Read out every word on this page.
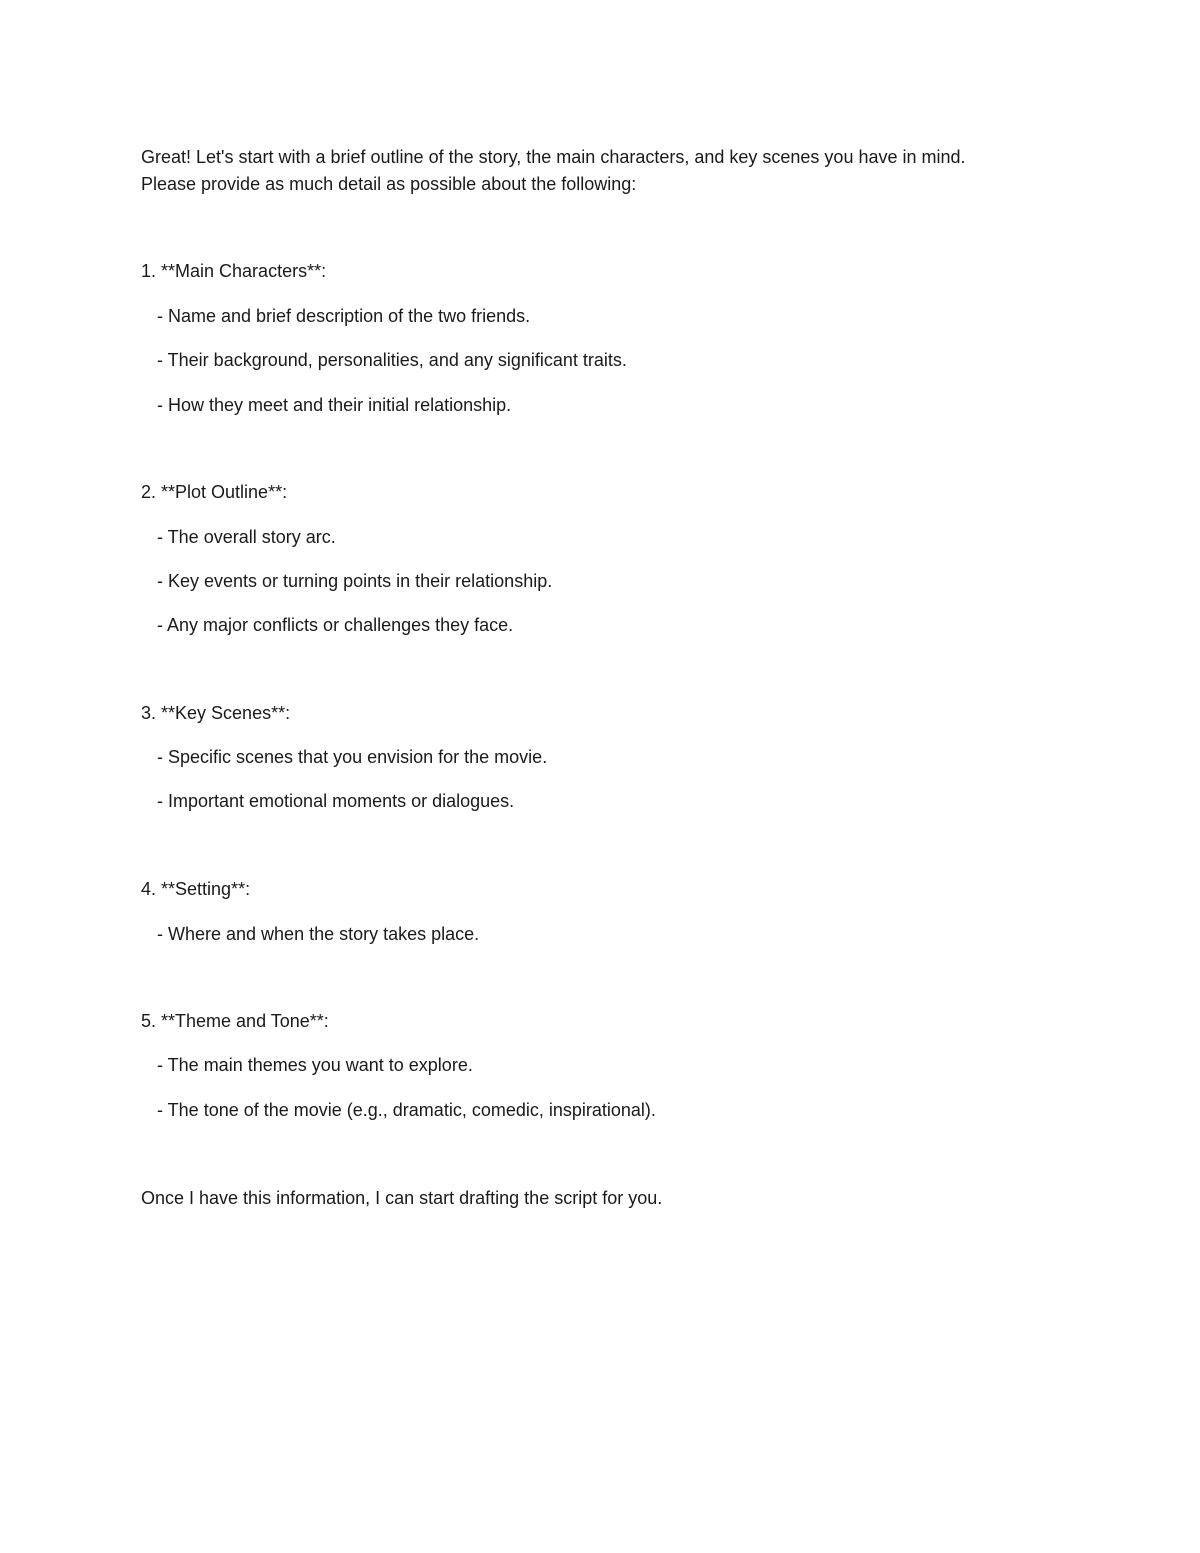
Great! Let's start with a brief outline of the story, the main characters, and key scenes you have in mind.
Please provide as much detail as possible about the following:
1. **Main Characters**:
- Name and brief description of the two friends.
- Their background, personalities, and any significant traits.
- How they meet and their initial relationship.
2. **Plot Outline**:
- The overall story arc.
- Key events or turning points in their relationship.
- Any major conflicts or challenges they face.
3. **Key Scenes**:
- Specific scenes that you envision for the movie.
- Important emotional moments or dialogues.
4. **Setting**:
- Where and when the story takes place.
5. **Theme and Tone**:
- The main themes you want to explore.
- The tone of the movie (e.g., dramatic, comedic, inspirational).
Once I have this information, I can start drafting the script for you.
